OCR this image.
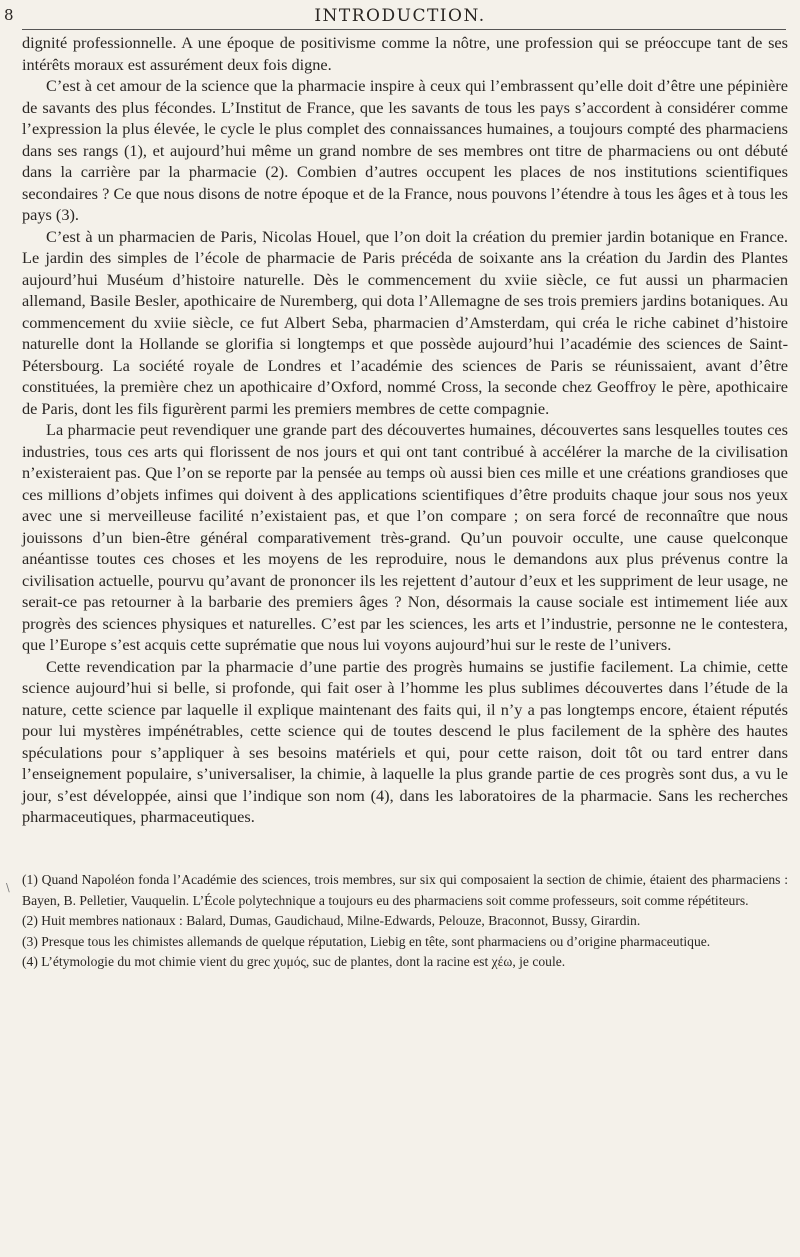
8	INTRODUCTION.

dignité professionnelle. A une époque de positivisme comme la nôtre, une profession qui se préoccupe tant de ses intérêts moraux est assurément deux fois digne.

C’est à cet amour de la science que la pharmacie inspire à ceux qui l’embrassent qu’elle doit d’être une pépinière de savants des plus fécondes. L’Institut de France, que les savants de tous les pays s’accordent à considérer comme l’expression la plus élevée, le cycle le plus complet des connaissances humaines, a toujours compté des pharmaciens dans ses rangs (1), et aujourd’hui même un grand nombre de ses membres ont titre de pharmaciens ou ont débuté dans la carrière par la pharmacie (2). Combien d’autres occupent les places de nos institutions scientifiques secondaires ? Ce que nous disons de notre époque et de la France, nous pouvons l’étendre à tous les âges et à tous les pays (3).

C’est à un pharmacien de Paris, Nicolas Houel, que l’on doit la création du premier jardin botanique en France. Le jardin des simples de l’école de pharmacie de Paris précéda de soixante ans la création du Jardin des Plantes aujourd’hui Muséum d’histoire naturelle. Dès le commencement du xviie siècle, ce fut aussi un pharmacien allemand, Basile Besler, apothicaire de Nuremberg, qui dota l’Allemagne de ses trois premiers jardins botaniques. Au commencement du xviie siècle, ce fut Albert Seba, pharmacien d’Amsterdam, qui créa le riche cabinet d’histoire naturelle dont la Hollande se glorifia si longtemps et que possède aujourd’hui l’académie des sciences de Saint-Pétersbourg. La société royale de Londres et l’académie des sciences de Paris se réunissaient, avant d’être constituées, la première chez un apothicaire d’Oxford, nommé Cross, la seconde chez Geoffroy le père, apothicaire de Paris, dont les fils figurèrent parmi les premiers membres de cette compagnie.

La pharmacie peut revendiquer une grande part des découvertes humaines, découvertes sans lesquelles toutes ces industries, tous ces arts qui florissent de nos jours et qui ont tant contribué à accélérer la marche de la civilisation n’existeraient pas. Que l’on se reporte par la pensée au temps où aussi bien ces mille et une créations grandioses que ces millions d’objets infimes qui doivent à des applications scientifiques d’être produits chaque jour sous nos yeux avec une si merveilleuse facilité n’existaient pas, et que l’on compare ; on sera forcé de reconnaître que nous jouissons d’un bien-être général comparativement très-grand. Qu’un pouvoir occulte, une cause quelconque anéantisse toutes ces choses et les moyens de les reproduire, nous le demandons aux plus prévenus contre la civilisation actuelle, pourvu qu’avant de prononcer ils les rejettent d’autour d’eux et les suppriment de leur usage, ne serait-ce pas retourner à la barbarie des premiers âges ? Non, désormais la cause sociale est intimement liée aux progrès des sciences physiques et naturelles. C’est par les sciences, les arts et l’industrie, personne ne le contestera, que l’Europe s’est acquis cette suprématie que nous lui voyons aujourd’hui sur le reste de l’univers.

Cette revendication par la pharmacie d’une partie des progrès humains se justifie facilement. La chimie, cette science aujourd’hui si belle, si profonde, qui fait oser à l’homme les plus sublimes découvertes dans l’étude de la nature, cette science par laquelle il explique maintenant des faits qui, il n’y a pas longtemps encore, étaient réputés pour lui mystères impénétrables, cette science qui de toutes descend le plus facilement de la sphère des hautes spéculations pour s’appliquer à ses besoins matériels et qui, pour cette raison, doit tôt ou tard entrer dans l’enseignement populaire, s’universaliser, la chimie, à laquelle la plus grande partie de ces progrès sont dus, a vu le jour, s’est développée, ainsi que l’indique son nom (4), dans les laboratoires de la pharmacie. Sans les recherches pharmaceutiques, pharmaceutiques.

\

(1) Quand Napoléon fonda l’Académie des sciences, trois membres, sur six qui composaient la section de chimie, étaient des pharmaciens : Bayen, B. Pelletier, Vauquelin. L’École polytechnique a toujours eu des pharmaciens soit comme professeurs, soit comme répétiteurs.

(2) Huit membres nationaux : Balard, Dumas, Gaudichaud, Milne-Edwards, Pelouze, Braconnot, Bussy, Girardin.

(3) Presque tous les chimistes allemands de quelque réputation, Liebig en tête, sont pharmaciens ou d’origine pharmaceutique.

(4) L’étymologie du mot chimie vient du grec χυμός, suc de plantes, dont la racine est χέω, je coule.
